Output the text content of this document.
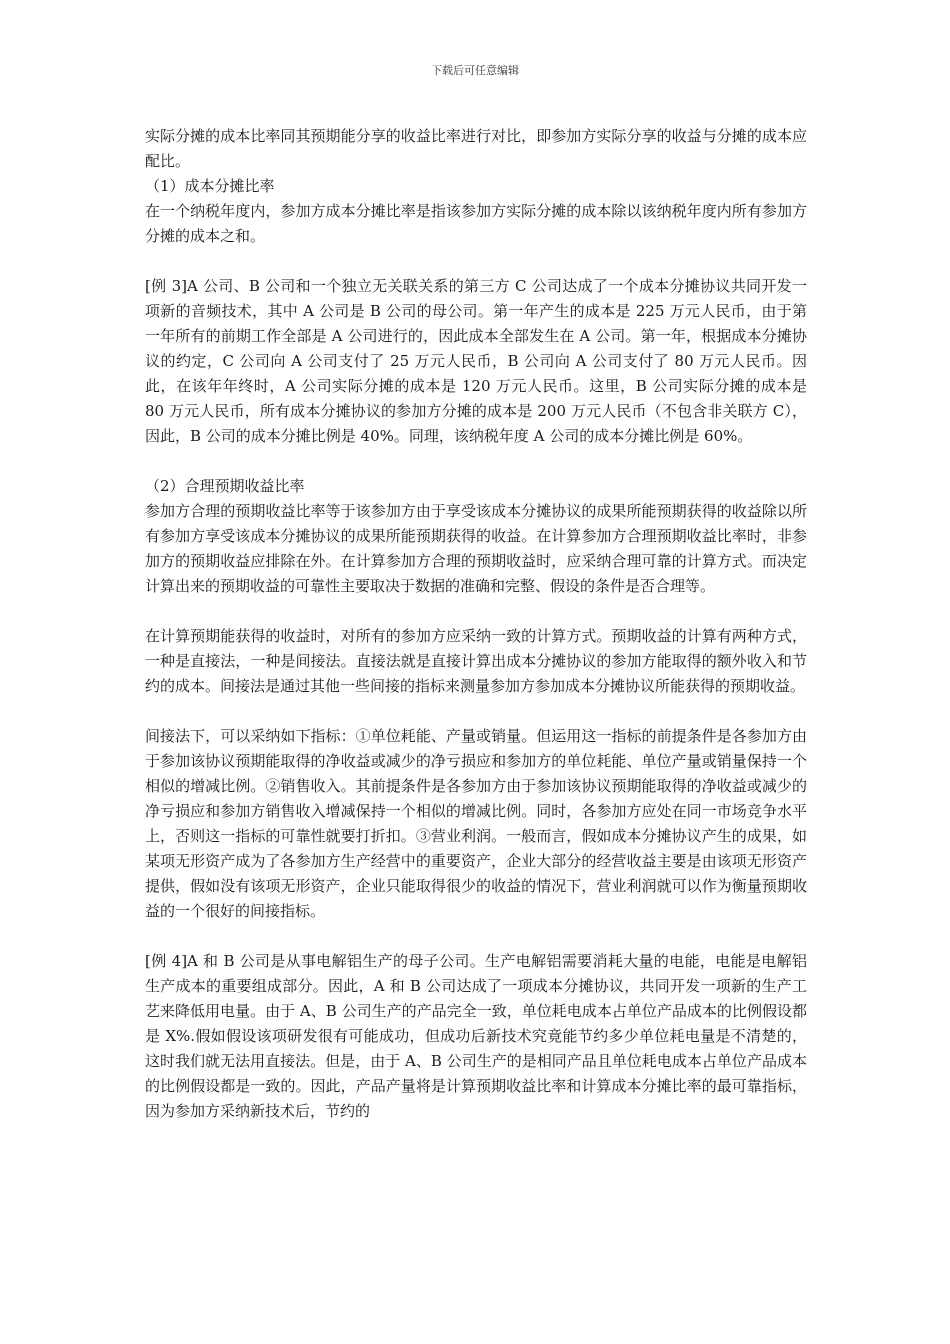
下载后可任意编辑

实际分摊的成本比率同其预期能分享的收益比率进行对比，即参加方实际分享的收益与分摊的成本应配比。

（1）成本分摊比率

在一个纳税年度内，参加方成本分摊比率是指该参加方实际分摊的成本除以该纳税年度内所有参加方分摊的成本之和。

[例 3]A 公司、B 公司和一个独立无关联关系的第三方 C 公司达成了一个成本分摊协议共同开发一项新的音频技术，其中 A 公司是 B 公司的母公司。第一年产生的成本是 225 万元人民币，由于第一年所有的前期工作全部是 A 公司进行的，因此成本全部发生在 A 公司。第一年，根据成本分摊协议的约定，C 公司向 A 公司支付了 25 万元人民币，B 公司向 A 公司支付了 80 万元人民币。因此，在该年年终时，A 公司实际分摊的成本是 120 万元人民币。这里，B 公司实际分摊的成本是 80 万元人民币，所有成本分摊协议的参加方分摊的成本是 200 万元人民币（不包含非关联方 C），因此，B 公司的成本分摊比例是 40%。同理，该纳税年度 A 公司的成本分摊比例是 60%。

（2）合理预期收益比率

参加方合理的预期收益比率等于该参加方由于享受该成本分摊协议的成果所能预期获得的收益除以所有参加方享受该成本分摊协议的成果所能预期获得的收益。在计算参加方合理预期收益比率时，非参加方的预期收益应排除在外。在计算参加方合理的预期收益时，应采纳合理可靠的计算方式。而决定计算出来的预期收益的可靠性主要取决于数据的准确和完整、假设的条件是否合理等。

在计算预期能获得的收益时，对所有的参加方应采纳一致的计算方式。预期收益的计算有两种方式，一种是直接法，一种是间接法。直接法就是直接计算出成本分摊协议的参加方能取得的额外收入和节约的成本。间接法是通过其他一些间接的指标来测量参加方参加成本分摊协议所能获得的预期收益。

间接法下，可以采纳如下指标：①单位耗能、产量或销量。但运用这一指标的前提条件是各参加方由于参加该协议预期能取得的净收益或减少的净亏损应和参加方的单位耗能、单位产量或销量保持一个相似的增减比例。②销售收入。其前提条件是各参加方由于参加该协议预期能取得的净收益或减少的净亏损应和参加方销售收入增减保持一个相似的增减比例。同时，各参加方应处在同一市场竞争水平上，否则这一指标的可靠性就要打折扣。③营业利润。一般而言，假如成本分摊协议产生的成果，如某项无形资产成为了各参加方生产经营中的重要资产，企业大部分的经营收益主要是由该项无形资产提供，假如没有该项无形资产，企业只能取得很少的收益的情况下，营业利润就可以作为衡量预期收益的一个很好的间接指标。

[例 4]A 和 B 公司是从事电解铝生产的母子公司。生产电解铝需要消耗大量的电能，电能是电解铝生产成本的重要组成部分。因此，A 和 B 公司达成了一项成本分摊协议，共同开发一项新的生产工艺来降低用电量。由于 A、B 公司生产的产品完全一致，单位耗电成本占单位产品成本的比例假设都是 X%.假如假设该项研发很有可能成功，但成功后新技术究竟能节约多少单位耗电量是不清楚的，这时我们就无法用直接法。但是，由于 A、B 公司生产的是相同产品且单位耗电成本占单位产品成本的比例假设都是一致的。因此，产品产量将是计算预期收益比率和计算成本分摊比率的最可靠指标，因为参加方采纳新技术后，节约的
